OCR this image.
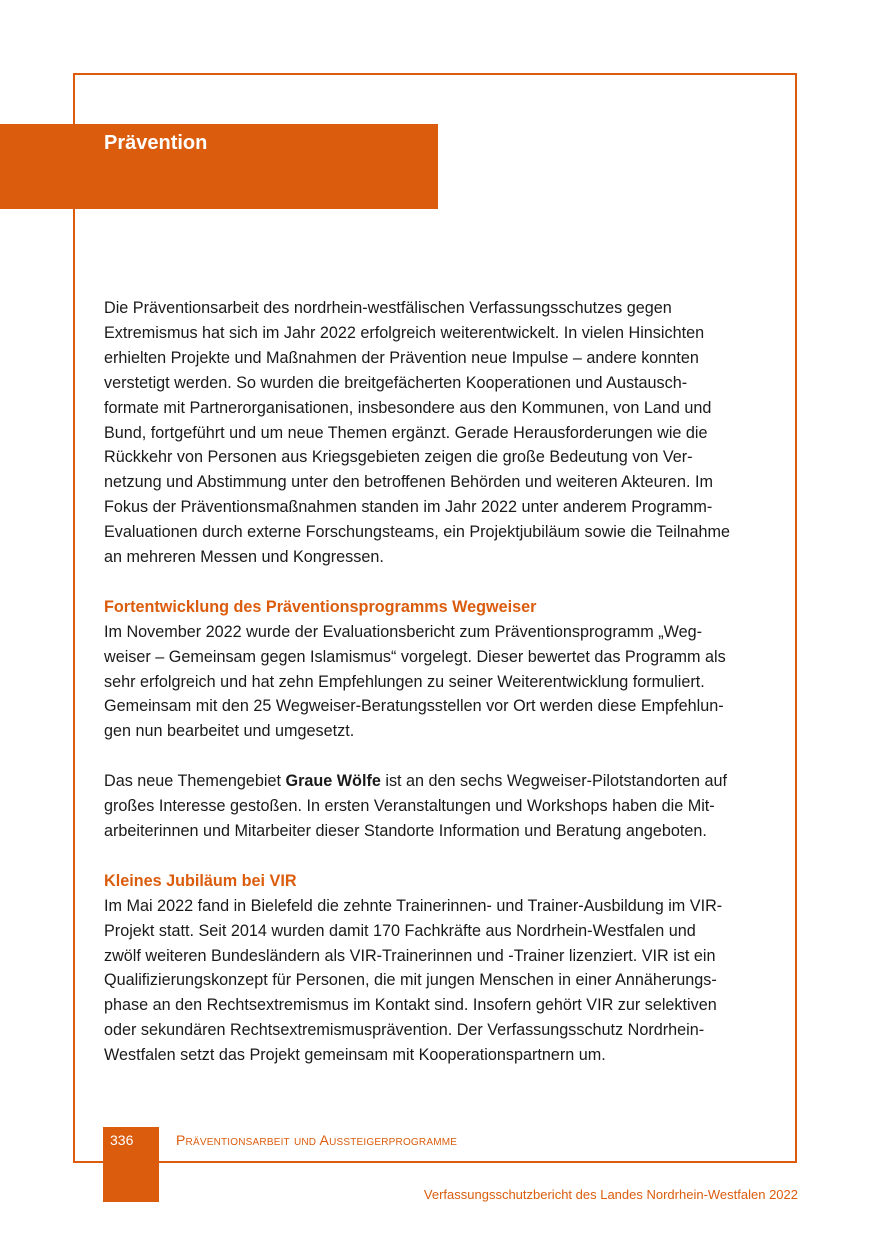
Prävention

Die Präventionsarbeit des nordrhein-westfälischen Verfassungsschutzes gegen
Extremismus hat sich im Jahr 2022 erfolgreich weiterentwickelt. In vielen Hinsichten
erhielten Projekte und Maßnahmen der Prävention neue Impulse – andere konnten
verstetigt werden. So wurden die breitgefächerten Kooperationen und Austausch-
formate mit Partnerorganisationen, insbesondere aus den Kommunen, von Land und
Bund, fortgeführt und um neue Themen ergänzt. Gerade Herausforderungen wie die
Rückkehr von Personen aus Kriegsgebieten zeigen die große Bedeutung von Ver-
netzung und Abstimmung unter den betroffenen Behörden und weiteren Akteuren. Im
Fokus der Präventionsmaßnahmen standen im Jahr 2022 unter anderem Programm-
Evaluationen durch externe Forschungsteams, ein Projektjubiläum sowie die Teilnahme
an mehreren Messen und Kongressen.

Fortentwicklung des Präventionsprogramms Wegweiser

Im November 2022 wurde der Evaluationsbericht zum Präventionsprogramm „Weg-
weiser – Gemeinsam gegen Islamismus“ vorgelegt. Dieser bewertet das Programm als
sehr erfolgreich und hat zehn Empfehlungen zu seiner Weiterentwicklung formuliert.
Gemeinsam mit den 25 Wegweiser-Beratungsstellen vor Ort werden diese Empfehlun-
gen nun bearbeitet und umgesetzt.

Das neue Themengebiet Graue Wölfe ist an den sechs Wegweiser-Pilotstandorten auf
großes Interesse gestoßen. In ersten Veranstaltungen und Workshops haben die Mit-
arbeiterinnen und Mitarbeiter dieser Standorte Information und Beratung angeboten.

Kleines Jubiläum bei VIR

Im Mai 2022 fand in Bielefeld die zehnte Trainerinnen- und Trainer-Ausbildung im VIR-
Projekt statt. Seit 2014 wurden damit 170 Fachkräfte aus Nordrhein-Westfalen und
zwölf weiteren Bundesländern als VIR-Trainerinnen und -Trainer lizenziert. VIR ist ein
Qualifizierungskonzept für Personen, die mit jungen Menschen in einer Annäherungs-
phase an den Rechtsextremismus im Kontakt sind. Insofern gehört VIR zur selektiven
oder sekundären Rechtsextremismusprävention. Der Verfassungsschutz Nordrhein-
Westfalen setzt das Projekt gemeinsam mit Kooperationspartnern um.

336	Präventionsarbeit und Aussteigerprogramme
Verfassungsschutzbericht des Landes Nordrhein-Westfalen 2022
